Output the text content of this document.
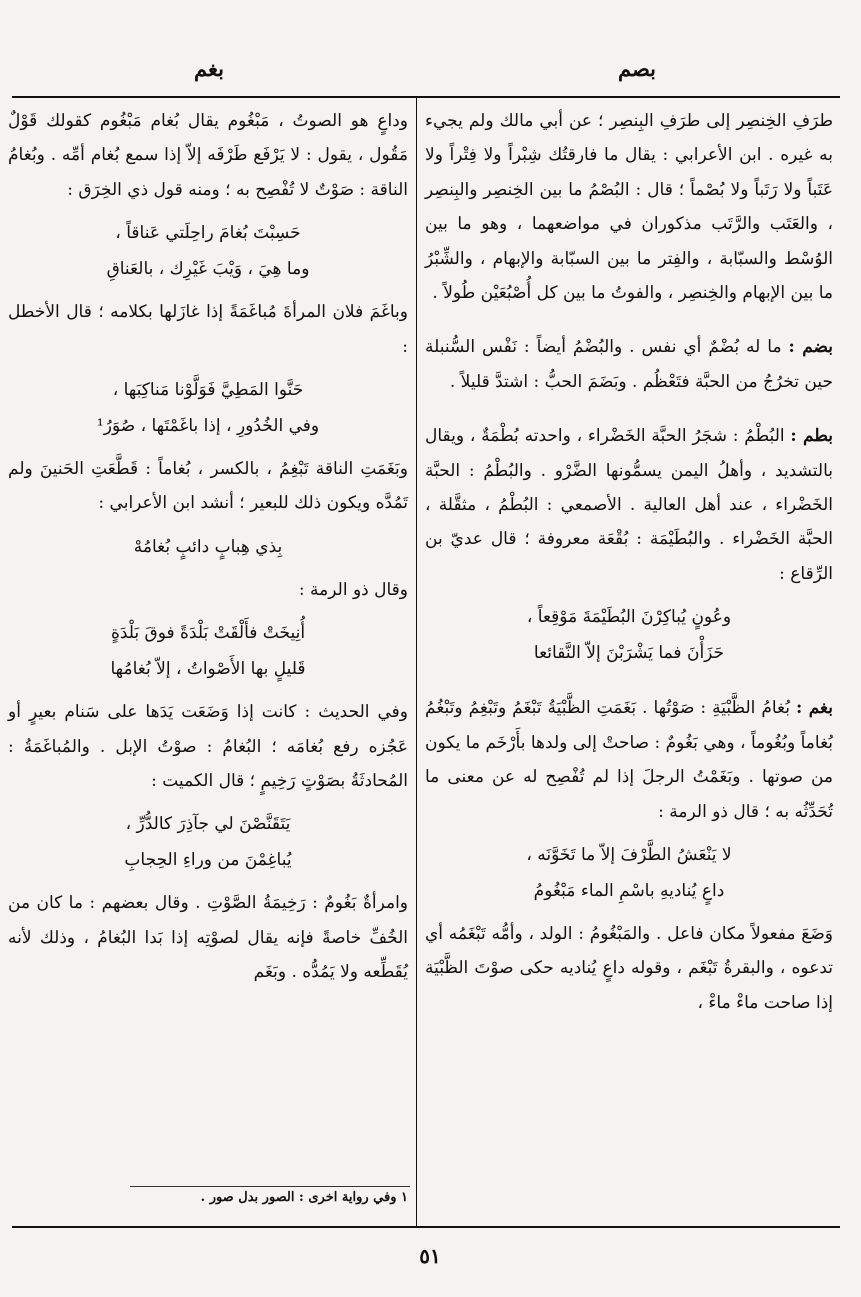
بصم
بغم

طرَفِ الخِنصِر إلى طرَفِ البِنصِر ؛ عن أبي مالك ولم يجيء به غيره . ابن الأعرابي : يقال ما فارقتُك شِبْراً ولا فِتْراً ولا عَتَباً ولا رَتَباً ولا بُصْماً ؛ قال : البُصْمُ ما بين الخِنصِر والبِنصِر ، والعَتَب والرَّتَب مذكوران في مواضعهما ، وهو ما بين الوُسْط والسبّابة ، والفِتر ما بين السبّابة والإبهام ، والشِّبْرُ ما بين الإبهام والخِنصِر ، والفوتُ ما بين كل أُصْبُعَيْن طُولاً .

بضم : ما له بُضْمٌ أي نفس . والبُضْمُ أيضاً : نَفْس السُّنبلة حين تخرُجُ من الحبَّة فتَعْظُم . وبَضَمَ الحبُّ : اشتدَّ قليلاً .

بطم : البُطْمُ : شجَرُ الحبَّة الخَضْراء ، واحدته بُطْمَةٌ ، ويقال بالتشديد ، وأهلُ اليمن يسمُّونها الضَّرْو . والبُطْمُ : الحبَّة الخَضْراء ، عند أهل العالية . الأصمعي : البُطْمُ ، مثقَّلة ، الحبَّة الخَضْراء . والبُطَيْمَة : بُقْعَة معروفة ؛ قال عديّ بن الرِّقاع :

وعُونٍ يُباكِرْنَ البُطَيْمَةَ مَوْقِعاً ،
حَزَأْنَ فما يَشْرَبْنَ إلاّ النَّقائعا

بغم : بُغامُ الظَّبْيَةِ : صَوْتُها . بَغَمَتِ الظَّبْيَةُ تَبْغَمُ وتَبْغِمُ وتَبْغُمُ بُغاماً وبُغُوماً ، وهي بَغُومٌ : صاحتْ إلى ولدها بأَرْخَم ما يكون من صوتها . وبَغَمْتُ الرجلَ إذا لم تُفْصِح له عن معنى ما تُحَدِّثُه به ؛ قال ذو الرمة :

لا يَنْعَشُ الطَّرْفَ إلاّ ما تَخَوَّنَه ،
داعٍ يُناديهِ باسْمِ الماء مَبْغُومُ

وَضَعَ مفعولاً مكان فاعل . والمَبْغُومُ : الولد ، وأمُّه تَبْغَمُه أي تدعوه ، والبقرةُ تَبْغَم ، وقوله داعٍ يُناديه حكى صوْتَ الظَّبْيَة إذا صاحت ماءْ ماءْ ،

وداعٍ هو الصوتُ ، مَبْغُوم يقال بُغام مَبْغُوم كقولك قَوْلٌ مَقُول ، يقول : لا يَرْفَع طَرْفَه إلاّ إذا سمع بُغام أمِّه . وبُغامُ الناقة : صَوْتٌ لا تُفْصِح به ؛ ومنه قول ذي الخِرَق :

حَسِبْتَ بُغامَ راحِلَتي عَناقاً ،
وما هِيَ ، وَيْبَ غَيْرِك ، بالعَناقِ

وباغَمَ فلان المرأةَ مُباغَمَةً إذا غازَلها بكلامه ؛ قال الأخطل :

حَنَّوا المَطِيَّ فَوَلَّوْنا مَناكِبَها ،
وفي الخُدُورِ ، إذا باغَمْتَها ، صُوَرُ¹

وبَغَمَتِ الناقة تَبْغِمُ ، بالكسر ، بُغاماً : قَطَّعَتِ الحَنينَ ولم تَمُدَّه ويكون ذلك للبعير ؛ أنشد ابن الأعرابي :

بِذي هِبابٍ دائبٍ بُغامُهْ

وقال ذو الرمة :

أُنِيخَتْ فأَلْقَتْ بَلْدَةً فوقَ بَلْدَةٍ
قَليلٍ بها الأَصْواتُ ، إلاّ بُغامُها

وفي الحديث : كانت إذا وَضَعَت يَدَها على سَنام بعيرٍ أو عَجُزه رفع بُغامَه ؛ البُغامُ : صوْتُ الإبل . والمُباغَمَةُ : المُحادثَةُ بصَوْتٍ رَخِيمٍ ؛ قال الكميت :

يَتَقَنَّصْنَ لي جآذِرَ كالدُّرِّ ،
يُباغِمْنَ من وراءِ الحِجابِ

وامرأةٌ بَغُومٌ : رَخِيمَةُ الصَّوْتِ . وقال بعضهم : ما كان من الخُفِّ خاصةً فإنه يقال لصوْتِه إذا بَدا البُغامُ ، وذلك لأنه يُقَطِّعه ولا يَمُدُّه . وبَغَم

١ وفي رواية اخرى : الصور بدل صور .
٥١
